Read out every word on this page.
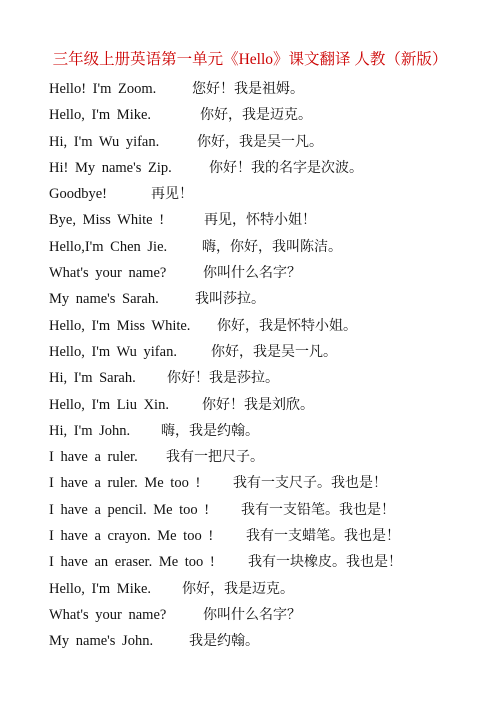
三年级上册英语第一单元《Hello》课文翻译 人教（新版）
Hello! I'm Zoom.	您好！我是祖姆。
Hello, I'm Mike.	你好，我是迈克。
Hi, I'm Wu yifan.	你好，我是吴一凡。
Hi! My name's Zip.	你好！我的名字是次波。
Goodbye!	再见！
Bye, Miss White !	再见，怀特小姐！
Hello,I'm Chen Jie. 嗨，你好，我叫陈洁。
What's your name?	你叫什么名字？
My name's Sarah.	我叫莎拉。
Hello, I'm Miss White. 你好，我是怀特小姐。
Hello, I'm Wu yifan. 你好，我是吴一凡。
Hi, I'm Sarah. 你好！我是莎拉。
Hello, I'm Liu Xin. 你好！我是刘欣。
Hi, I'm John. 嗨，我是约翰。
I have a ruler. 我有一把尺子。
I have a ruler. Me too ! 我有一支尺子。我也是！
I have a pencil. Me too ! 我有一支铅笔。我也是！
I have a crayon. Me too ! 我有一支蜡笔。我也是！
I have an eraser. Me too ! 我有一块橡皮。我也是！
Hello, I'm Mike. 你好，我是迈克。
What's your name?	你叫什么名字？
My name's John.	我是约翰。
